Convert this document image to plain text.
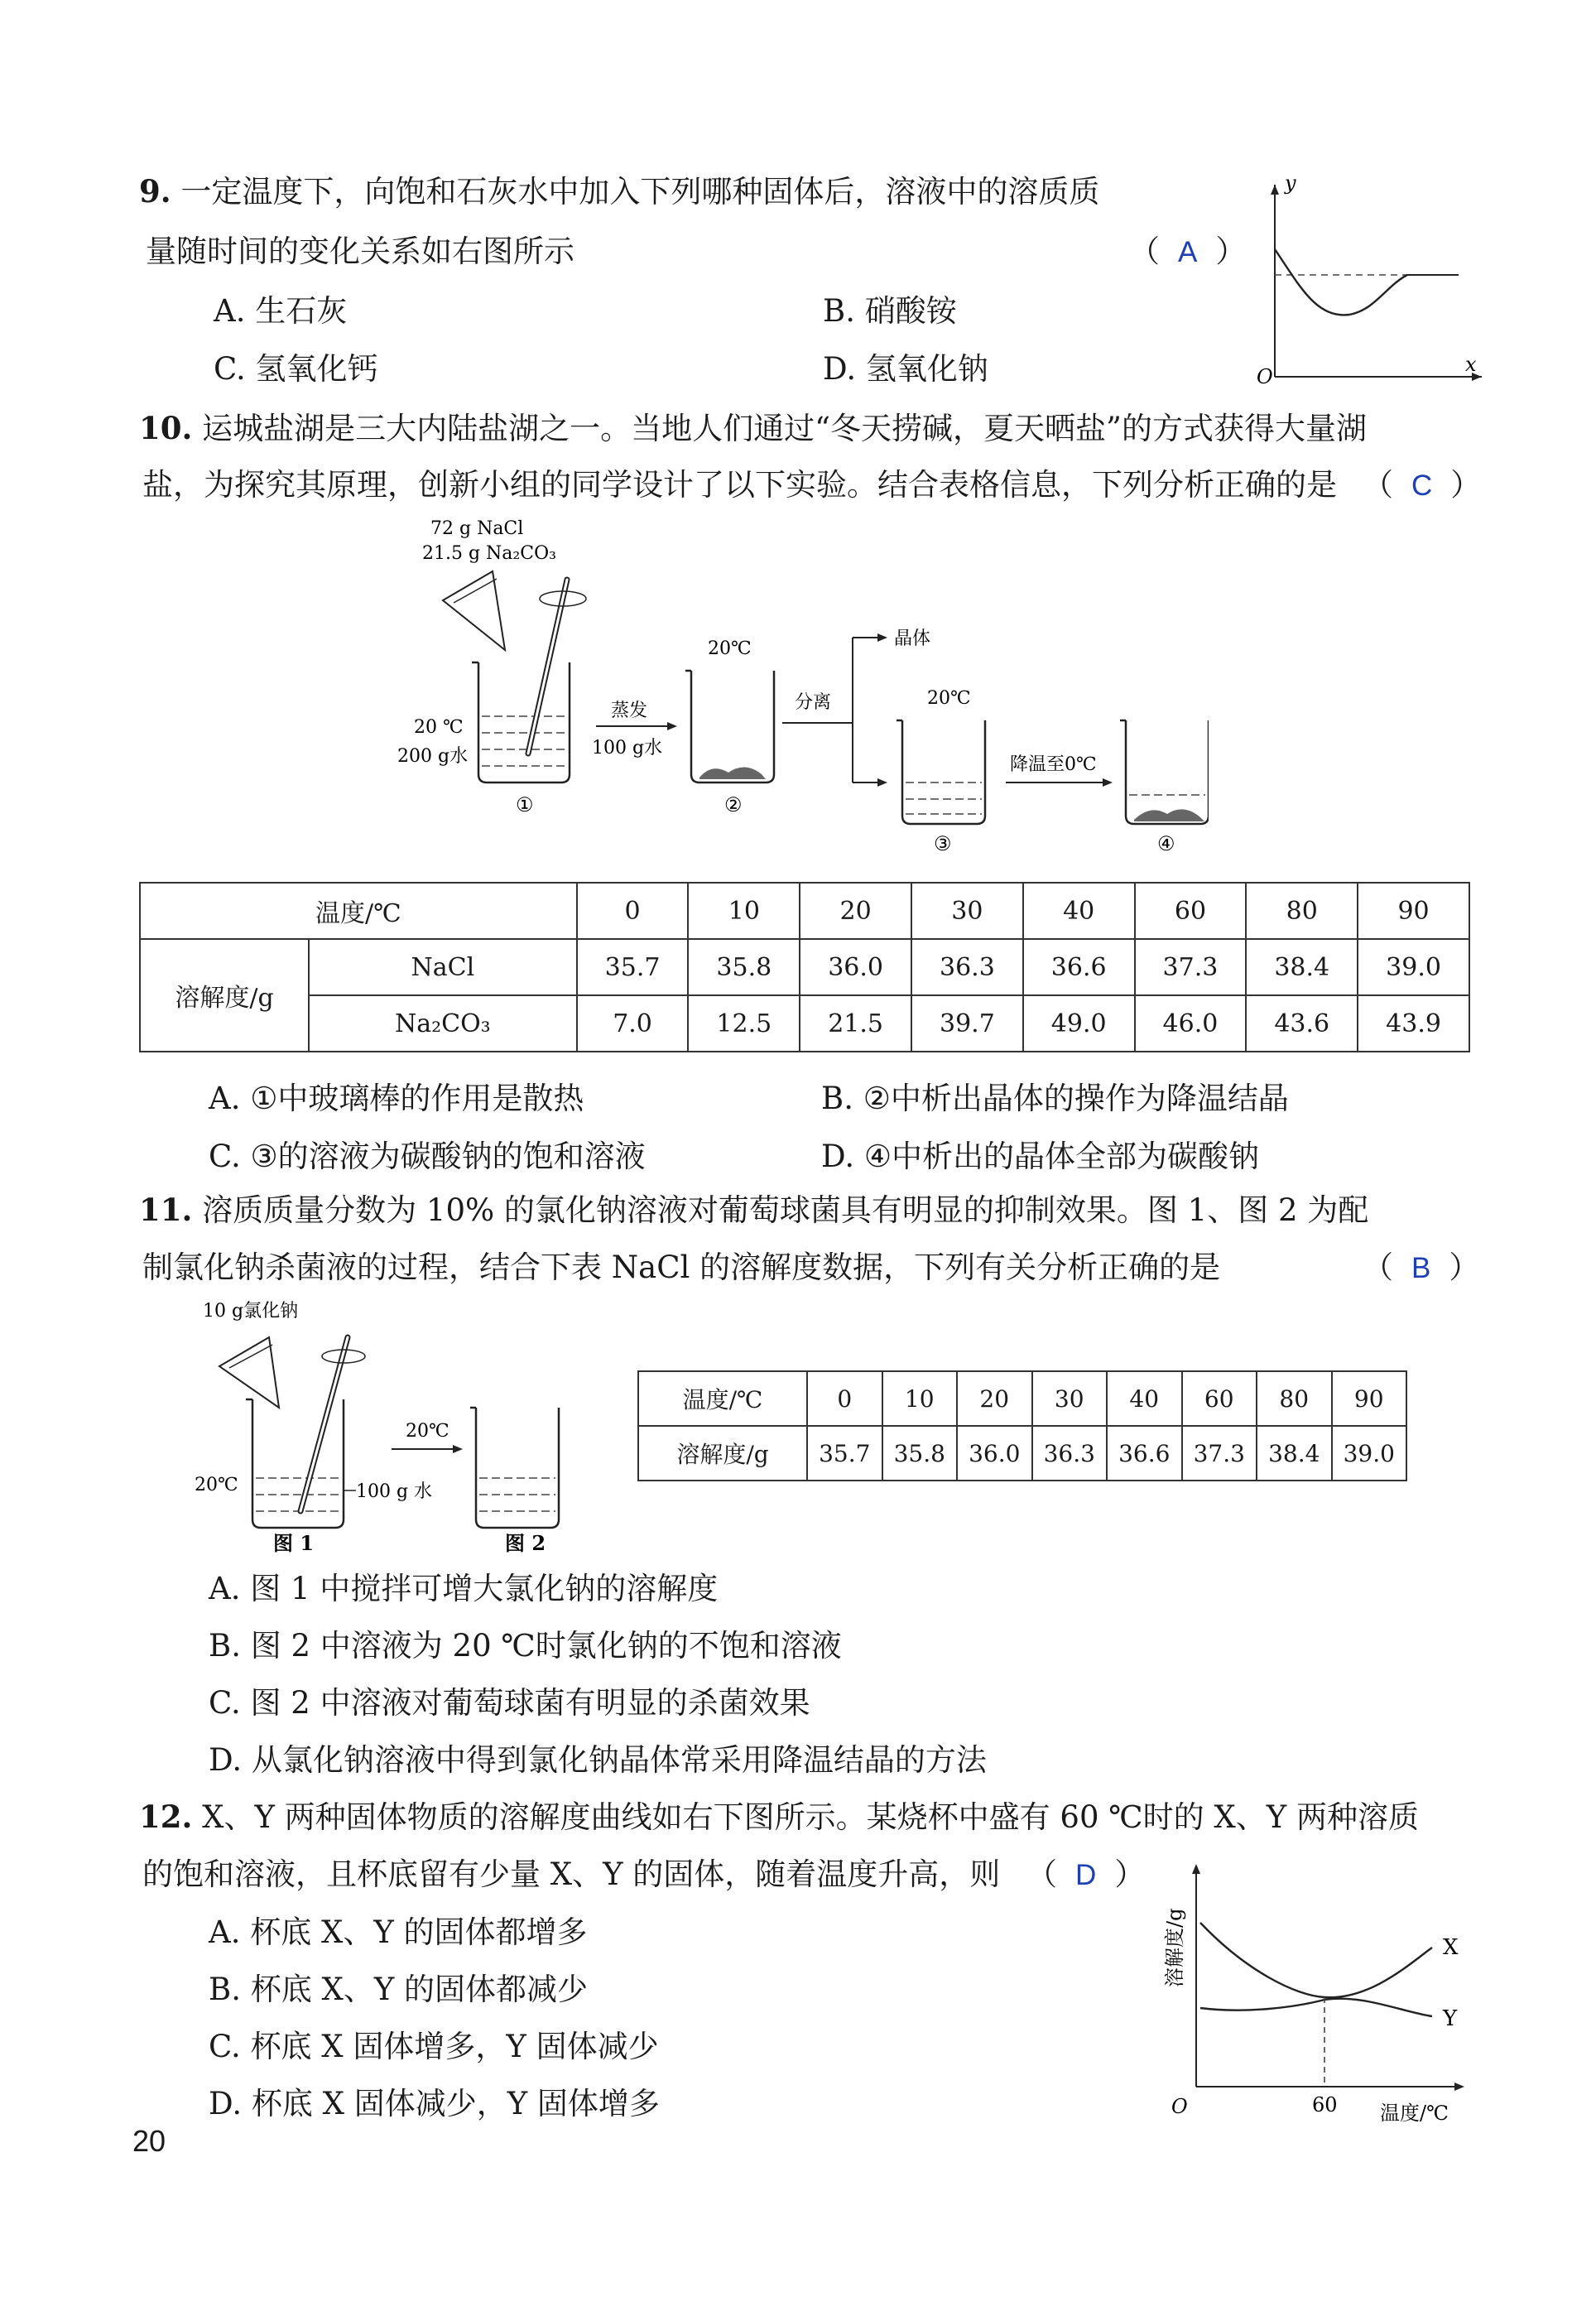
9. 一定温度下，向饱和石灰水中加入下列哪种固体后，溶液中的溶质质
量随时间的变化关系如右图所示	（ A ）
A. 生石灰	B. 硝酸铵
C. 氢氧化钙	D. 氢氧化钠
y
x
O
10. 运城盐湖是三大内陆盐湖之一。当地人们通过“冬天捞碱，夏天晒盐”的方式获得大量湖
盐，为探究其原理，创新小组的同学设计了以下实验。结合表格信息，下列分析正确的是 （ C ）
72 g NaCl
21.5 g Na₂CO₃
20 ℃
200 g水
①
蒸发
100 g水
20℃
②
分离
晶体
20℃
③
降温至0℃
④
温度/℃		0	10	20	30	40	60	80	90
溶解度/g	NaCl	35.7	35.8	36.0	36.3	36.6	37.3	38.4	39.0
	Na₂CO₃	7.0	12.5	21.5	39.7	49.0	46.0	43.6	43.9
A. ①中玻璃棒的作用是散热	B. ②中析出晶体的操作为降温结晶
C. ③的溶液为碳酸钠的饱和溶液	D. ④中析出的晶体全部为碳酸钠
11. 溶质质量分数为 10% 的氯化钠溶液对葡萄球菌具有明显的抑制效果。图 1、图 2 为配
制氯化钠杀菌液的过程，结合下表 NaCl 的溶解度数据，下列有关分析正确的是	（ B ）
10 g氯化钠
20℃	100 g 水
图 1
20℃
图 2
温度/℃	0	10	20	30	40	60	80	90
溶解度/g	35.7	35.8	36.0	36.3	36.6	37.3	38.4	39.0
A. 图 1 中搅拌可增大氯化钠的溶解度
B. 图 2 中溶液为 20 ℃时氯化钠的不饱和溶液
C. 图 2 中溶液对葡萄球菌有明显的杀菌效果
D. 从氯化钠溶液中得到氯化钠晶体常采用降温结晶的方法
12. X、Y 两种固体物质的溶解度曲线如右下图所示。某烧杯中盛有 60 ℃时的 X、Y 两种溶质
的饱和溶液，且杯底留有少量 X、Y 的固体，随着温度升高，则 （ D ）
A. 杯底 X、Y 的固体都增多
B. 杯底 X、Y 的固体都减少
C. 杯底 X 固体增多，Y 固体减少
D. 杯底 X 固体减少，Y 固体增多
溶解度/g	X
Y
O	60 温度/℃
20
